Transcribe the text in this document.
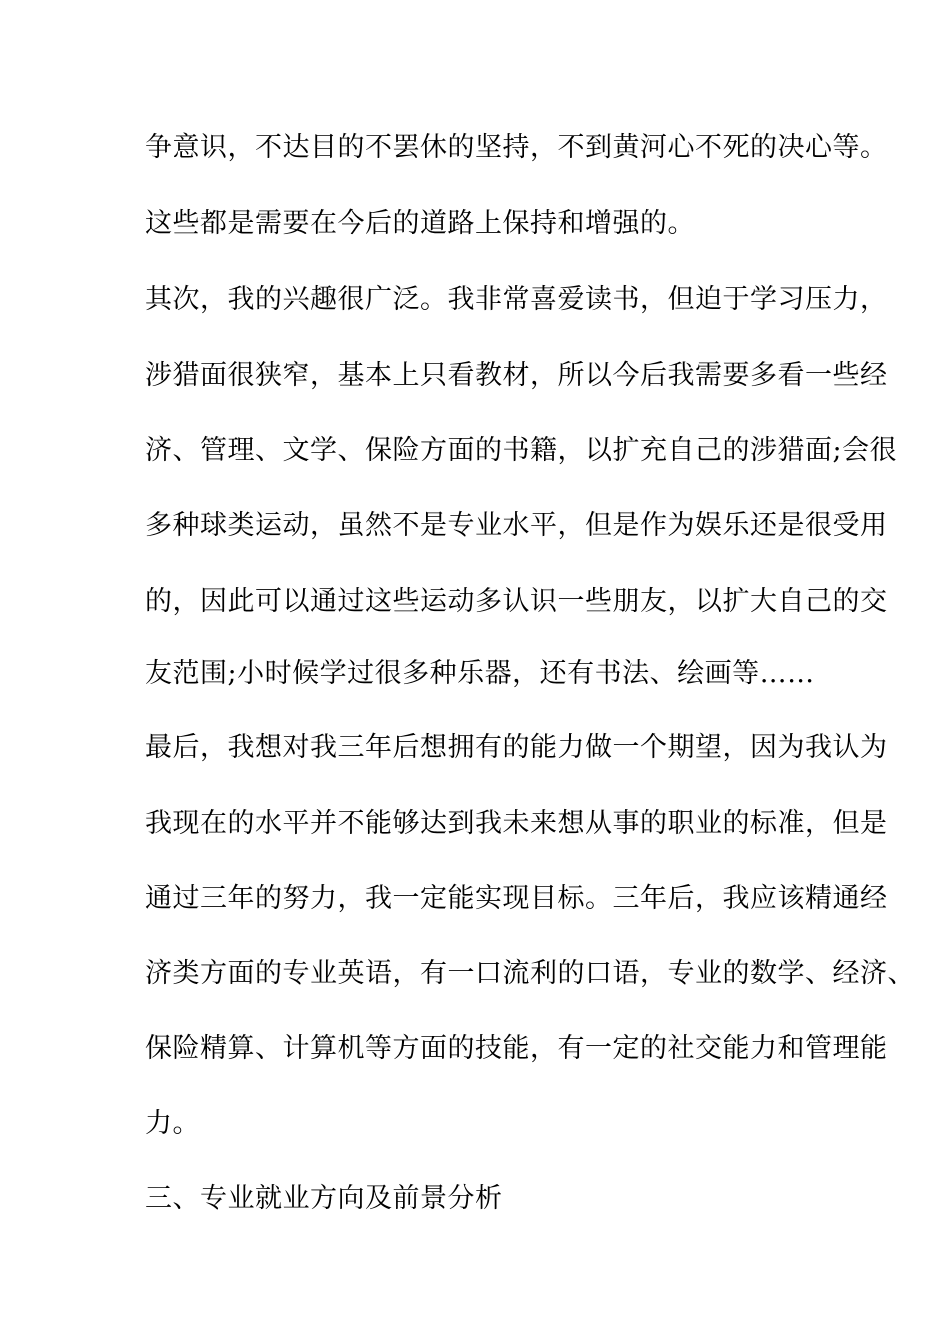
争意识，不达目的不罢休的坚持，不到黄河心不死的决心等。
这些都是需要在今后的道路上保持和增强的。
其次，我的兴趣很广泛。我非常喜爱读书，但迫于学习压力，
涉猎面很狭窄，基本上只看教材，所以今后我需要多看一些经
济、管理、文学、保险方面的书籍，以扩充自己的涉猎面;会很
多种球类运动，虽然不是专业水平，但是作为娱乐还是很受用
的，因此可以通过这些运动多认识一些朋友，以扩大自己的交
友范围;小时候学过很多种乐器，还有书法、绘画等……
最后，我想对我三年后想拥有的能力做一个期望，因为我认为
我现在的水平并不能够达到我未来想从事的职业的标准，但是
通过三年的努力，我一定能实现目标。三年后，我应该精通经
济类方面的专业英语，有一口流利的口语，专业的数学、经济、
保险精算、计算机等方面的技能，有一定的社交能力和管理能
力。
三、专业就业方向及前景分析
